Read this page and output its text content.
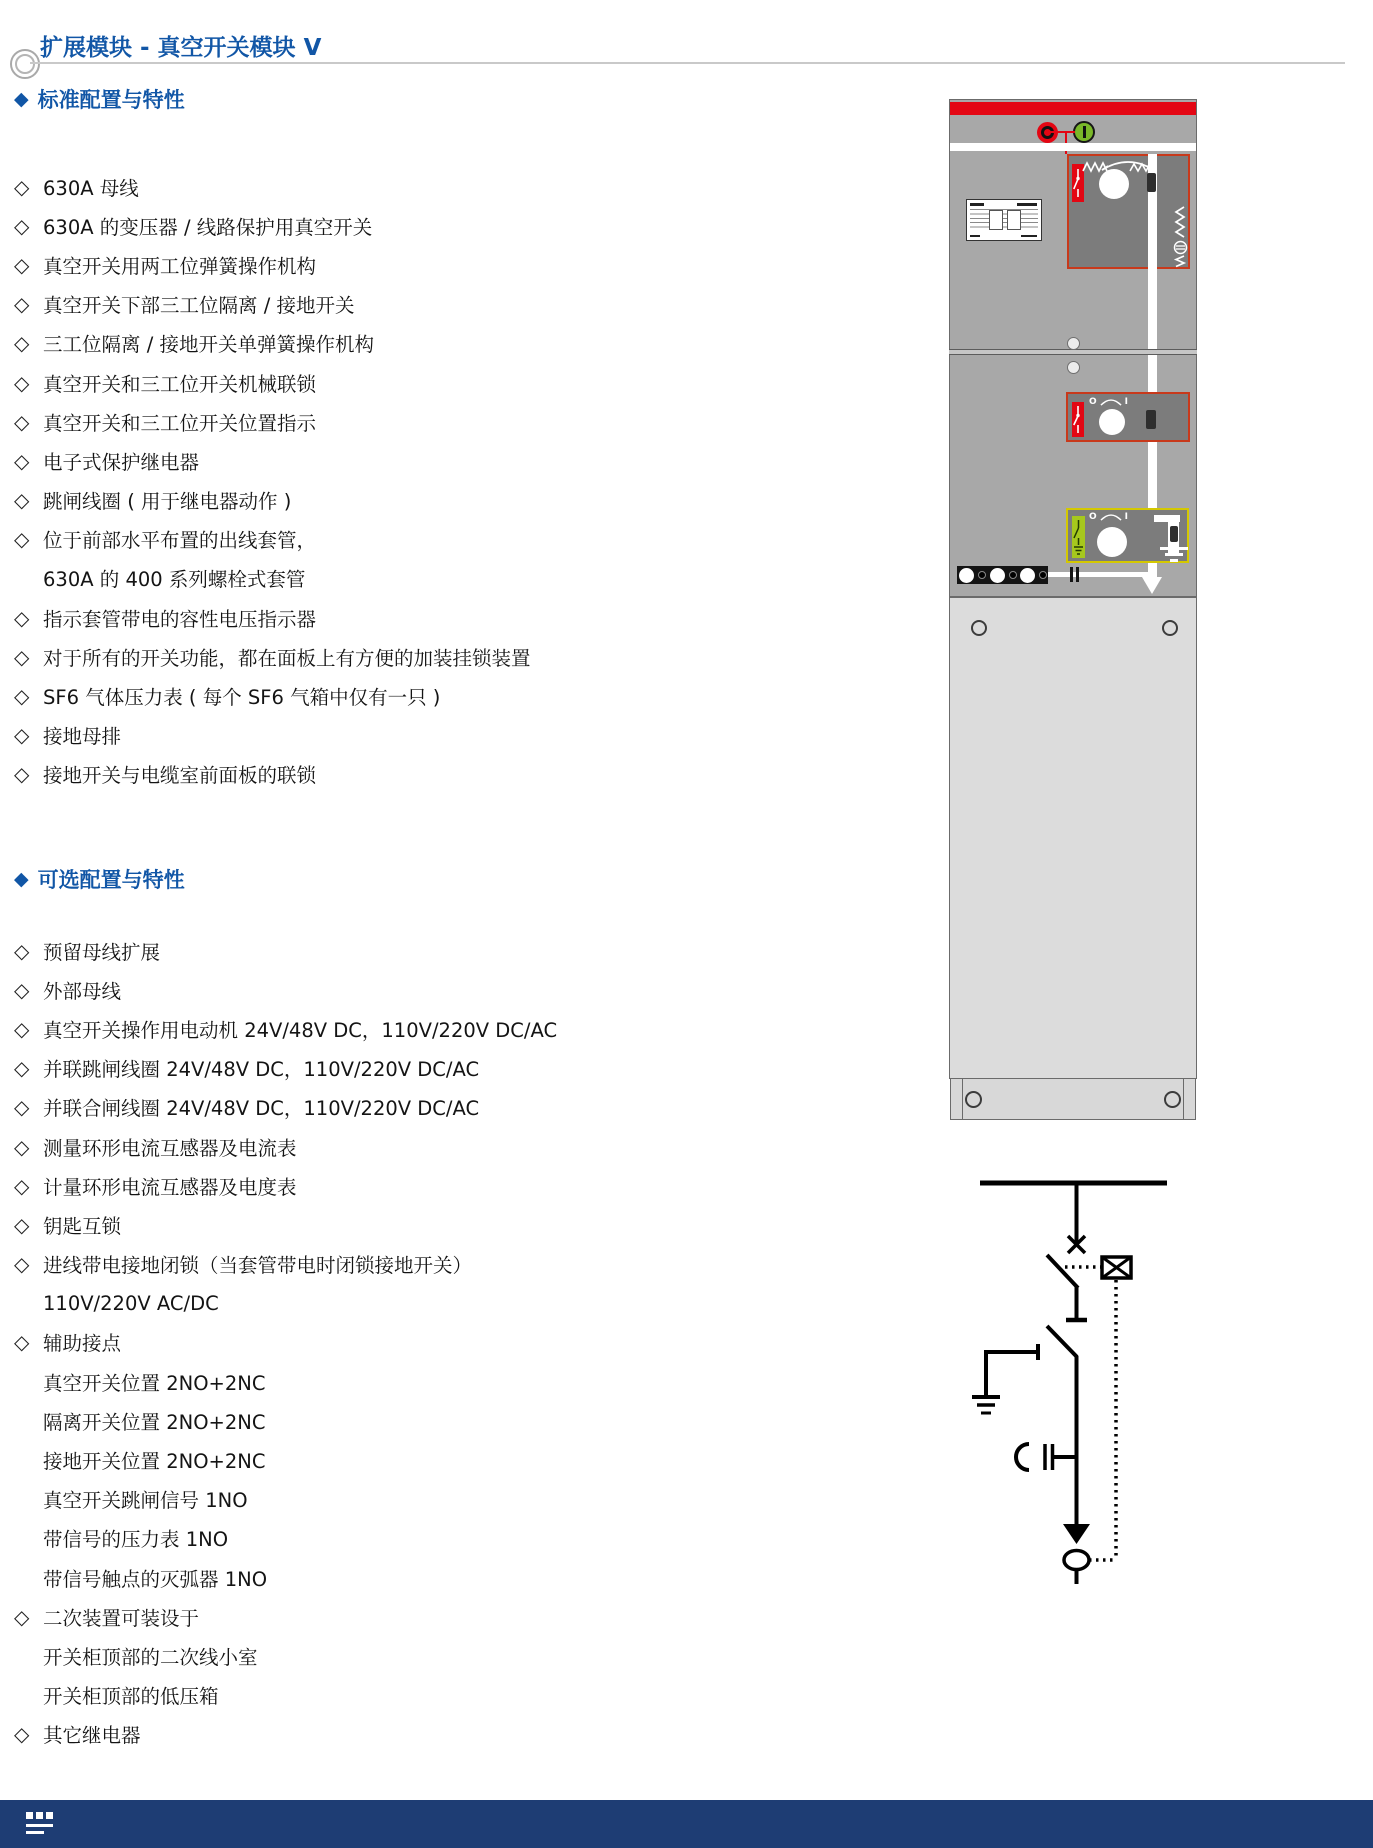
扩展模块 - 真空开关模块 V
◆ 标准配置与特性
◇ 630A 母线
◇ 630A 的变压器 / 线路保护用真空开关
◇ 真空开关用两工位弹簧操作机构
◇ 真空开关下部三工位隔离 / 接地开关
◇ 三工位隔离 / 接地开关单弹簧操作机构
◇ 真空开关和三工位开关机械联锁
◇ 真空开关和三工位开关位置指示
◇ 电子式保护继电器
◇ 跳闸线圈 ( 用于继电器动作 )
◇ 位于前部水平布置的出线套管，
630A 的 400 系列螺栓式套管
◇ 指示套管带电的容性电压指示器
◇ 对于所有的开关功能，都在面板上有方便的加装挂锁装置
◇ SF6 气体压力表 ( 每个 SF6 气箱中仅有一只 )
◇ 接地母排
◇ 接地开关与电缆室前面板的联锁
◆ 可选配置与特性
◇ 预留母线扩展
◇ 外部母线
◇ 真空开关操作用电动机 24V/48V DC，110V/220V DC/AC
◇ 并联跳闸线圈 24V/48V DC，110V/220V DC/AC
◇ 并联合闸线圈 24V/48V DC，110V/220V DC/AC
◇ 测量环形电流互感器及电流表
◇ 计量环形电流互感器及电度表
◇ 钥匙互锁
◇ 进线带电接地闭锁（当套管带电时闭锁接地开关）
110V/220V AC/DC
◇ 辅助接点
真空开关位置 2NO+2NC
隔离开关位置 2NO+2NC
接地开关位置 2NO+2NC
真空开关跳闸信号 1NO
带信号的压力表 1NO
带信号触点的灭弧器 1NO
◇ 二次装置可装设于
开关柜顶部的二次线小室
开关柜顶部的低压箱
◇ 其它继电器
O	I
O	I
